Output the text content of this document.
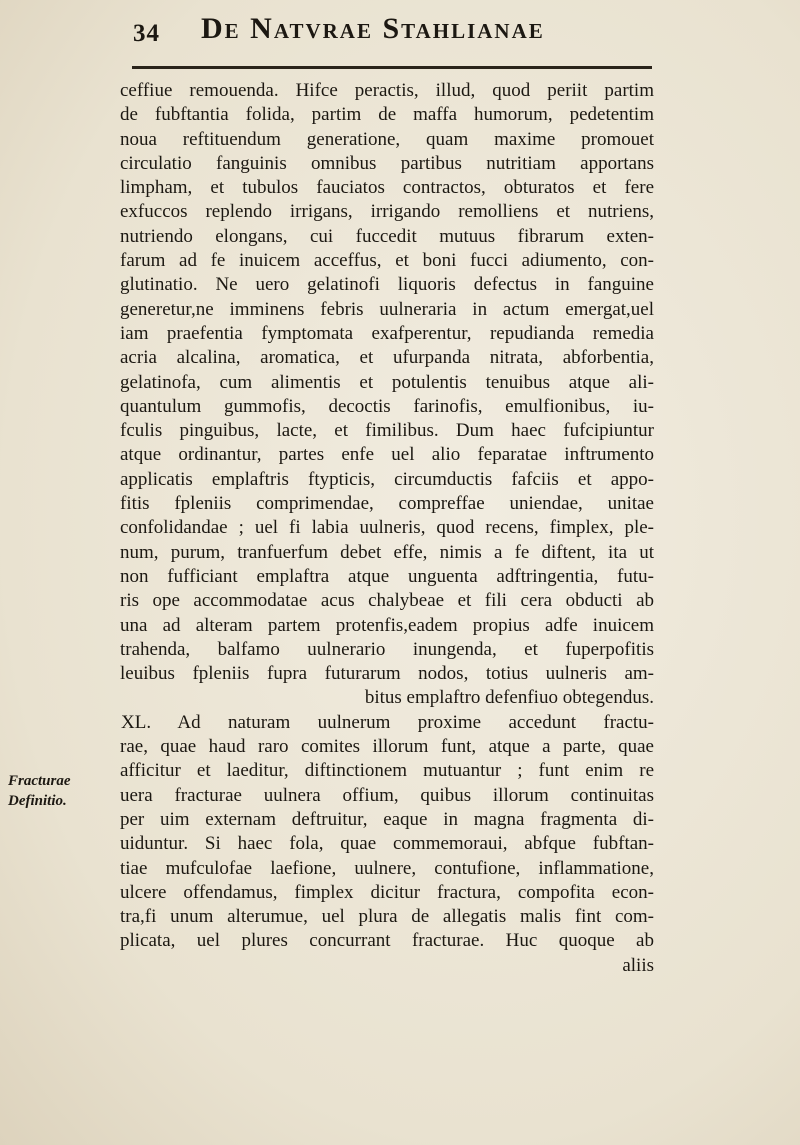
34 De Natvrae Stahlianae
Fracturae
Definitio.
ceffiue remouenda. Hifce peractis, illud, quod periit partim
de fubftantia folida, partim de maffa humorum, pedetentim
noua reftituendum generatione, quam maxime promouet
circulatio fanguinis omnibus partibus nutritiam apportans
limpham, et tubulos fauciatos contractos, obturatos et fere
exfuccos replendo irrigans, irrigando remolliens et nutriens,
nutriendo elongans, cui fuccedit mutuus fibrarum exten-
farum ad fe inuicem acceffus, et boni fucci adiumento, con-
glutinatio. Ne uero gelatinofi liquoris defectus in fanguine
generetur,ne imminens febris uulneraria in actum emergat,uel
iam praefentia fymptomata exafperentur, repudianda remedia
acria alcalina, aromatica, et ufurpanda nitrata, abforbentia,
gelatinofa, cum alimentis et potulentis tenuibus atque ali-
quantulum gummofis, decoctis farinofis, emulfionibus, iu-
fculis pinguibus, lacte, et fimilibus. Dum haec fufcipiuntur
atque ordinantur, partes enfe uel alio feparatae inftrumento
applicatis emplaftris ftypticis, circumductis fafciis et appo-
fitis fpleniis comprimendae, compreffae uniendae, unitae
confolidandae ; uel fi labia uulneris, quod recens, fimplex, ple-
num, purum, tranfuerfum debet effe, nimis a fe diftent, ita ut
non fufficiant emplaftra atque unguenta adftringentia, futu-
ris ope accommodatae acus chalybeae et fili cera obducti ab
una ad alteram partem protenfis,eadem propius adfe inuicem
trahenda, balfamo uulnerario inungenda, et fuperpofitis
leuibus fpleniis fupra futurarum nodos, totius uulneris am-
bitus emplaftro defenfiuo obtegendus.
XL. Ad naturam uulnerum proxime accedunt fractu-
rae, quae haud raro comites illorum funt, atque a parte, quae
afficitur et laeditur, diftinctionem mutuantur ; funt enim re
uera fracturae uulnera offium, quibus illorum continuitas
per uim externam deftruitur, eaque in magna fragmenta di-
uiduntur. Si haec fola, quae commemoraui, abfque fubftan-
tiae mufculofae laefione, uulnere, contufione, inflammatione,
ulcere offendamus, fimplex dicitur fractura, compofita econ-
tra,fi unum alterumue, uel plura de allegatis malis fint com-
plicata, uel plures concurrant fracturae. Huc quoque ab
aliis
